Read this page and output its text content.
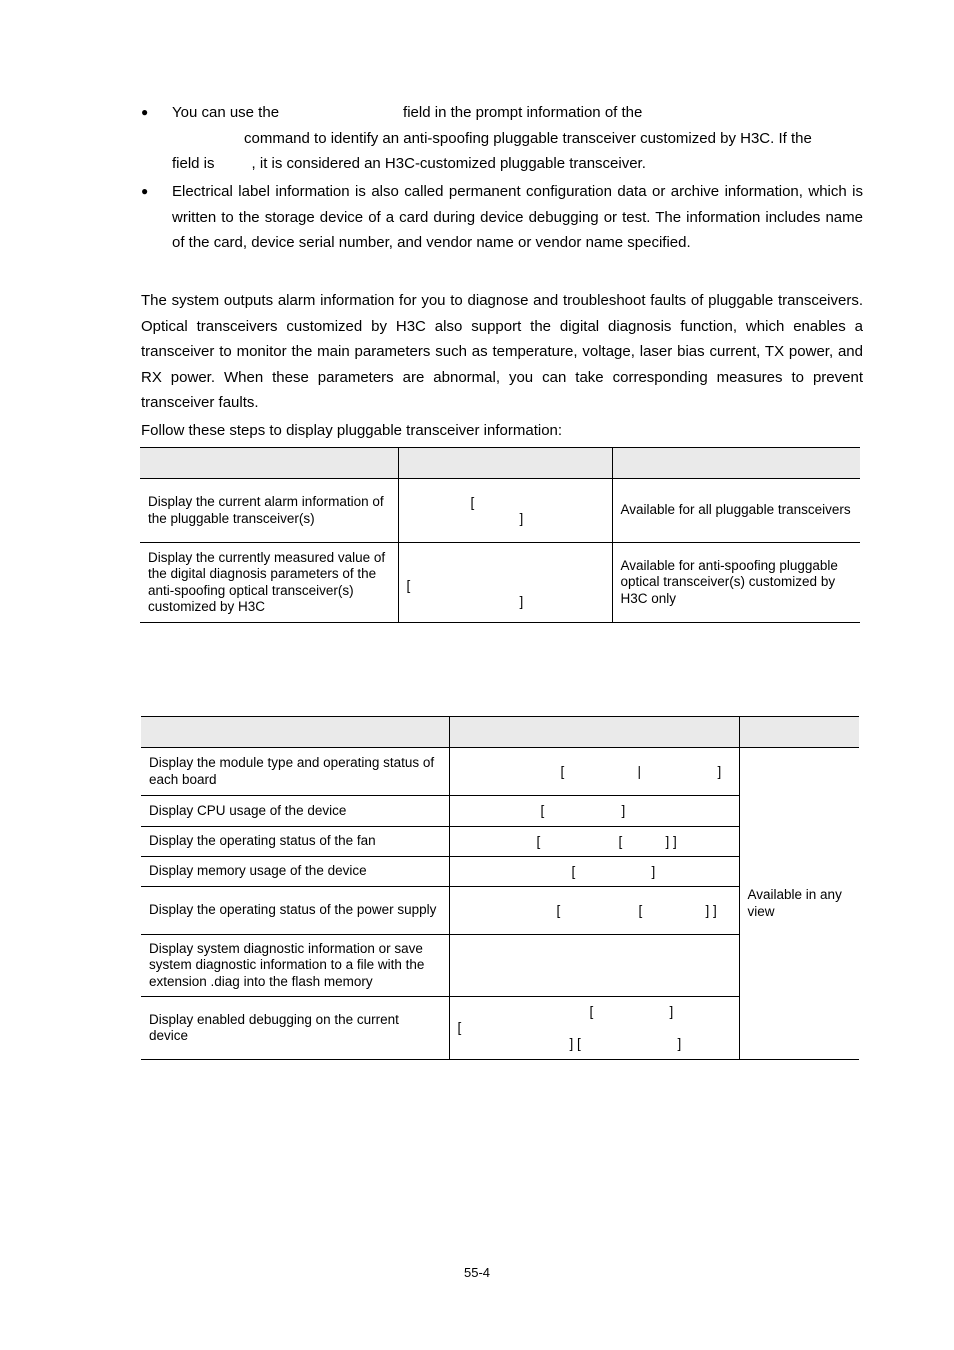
● You can use the	field in the prompt information of the
command to identify an anti-spoofing pluggable transceiver customized by H3C. If the
field is , it is considered an H3C-customized pluggable transceiver.
● Electrical label information is also called permanent configuration data or archive information, which is written to the storage device of a card during device debugging or test. The information includes name of the card, device serial number, and vendor name or vendor name specified.
The system outputs alarm information for you to diagnose and troubleshoot faults of pluggable transceivers. Optical transceivers customized by H3C also support the digital diagnosis function, which enables a transceiver to monitor the main parameters such as temperature, voltage, laser bias current, TX power, and RX power. When these parameters are abnormal, you can take corresponding measures to prevent transceiver faults.
Follow these steps to display pluggable transceiver information:

Display the current alarm information of the pluggable transceiver(s)	[
]	Available for all pluggable transceivers
Display the currently measured value of the digital diagnosis parameters of the anti-spoofing optical transceiver(s) customized by H3C	[
]	Available for anti-spoofing pluggable optical transceiver(s) customized by H3C only

Display the module type and operating status of each board	[ | ]	Available in any view
Display CPU usage of the device	[ ]	

Display the operating status of the fan	[ [ ] ]	

Display memory usage of the device	[ ]	

Display the operating status of the power supply	[ [ ] ]	

Display system diagnostic information or save system diagnostic information to a file with the extension .diag into the flash memory		
Display enabled debugging on the current device	[ ]
[
] [ ]	
55-4
